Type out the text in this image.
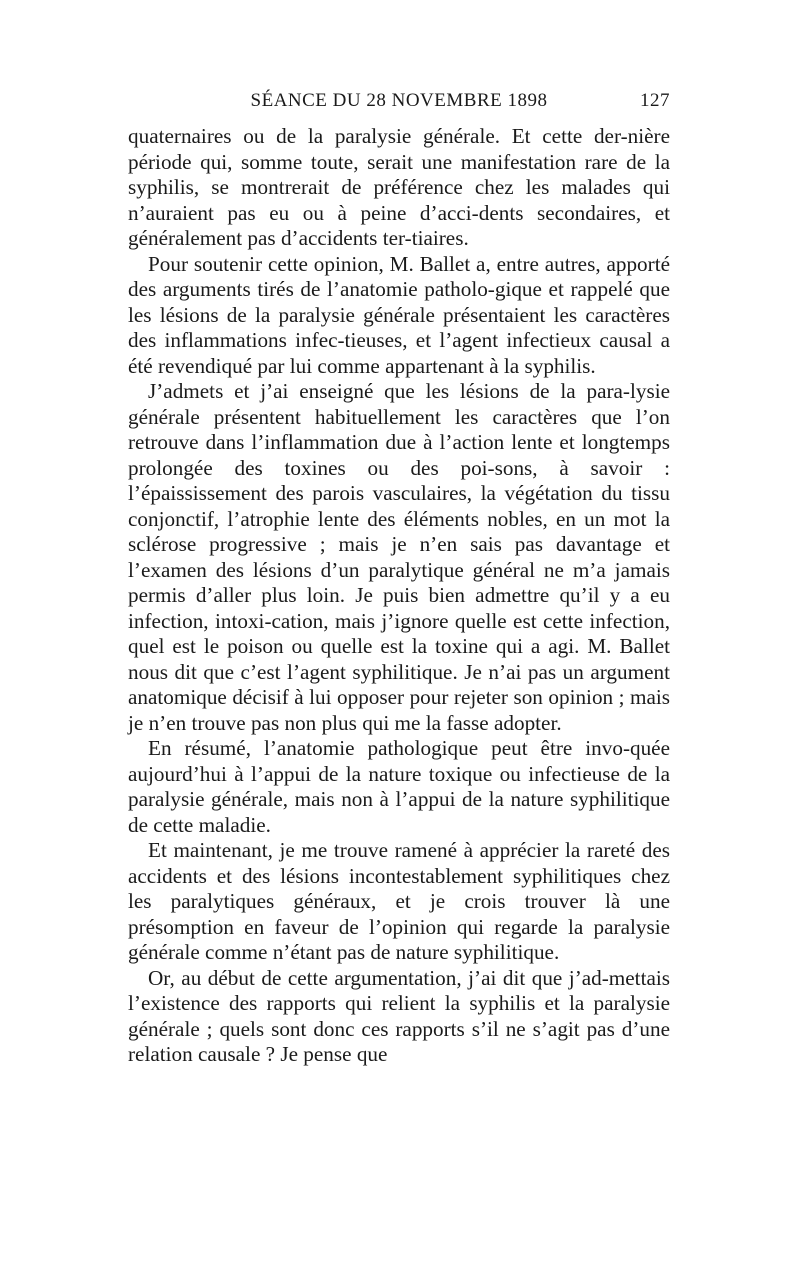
SÉANCE DU 28 NOVEMBRE 1898	127

quaternaires ou de la paralysie générale. Et cette der-nière période qui, somme toute, serait une manifestation rare de la syphilis, se montrerait de préférence chez les malades qui n’auraient pas eu ou à peine d’acci-dents secondaires, et généralement pas d’accidents ter-tiaires.

Pour soutenir cette opinion, M. Ballet a, entre autres, apporté des arguments tirés de l’anatomie patholo-gique et rappelé que les lésions de la paralysie générale présentaient les caractères des inflammations infec-tieuses, et l’agent infectieux causal a été revendiqué par lui comme appartenant à la syphilis.

J’admets et j’ai enseigné que les lésions de la para-lysie générale présentent habituellement les caractères que l’on retrouve dans l’inflammation due à l’action lente et longtemps prolongée des toxines ou des poi-sons, à savoir : l’épaississement des parois vasculaires, la végétation du tissu conjonctif, l’atrophie lente des éléments nobles, en un mot la sclérose progressive ; mais je n’en sais pas davantage et l’examen des lésions d’un paralytique général ne m’a jamais permis d’aller plus loin. Je puis bien admettre qu’il y a eu infection, intoxi-cation, mais j’ignore quelle est cette infection, quel est le poison ou quelle est la toxine qui a agi. M. Ballet nous dit que c’est l’agent syphilitique. Je n’ai pas un argument anatomique décisif à lui opposer pour rejeter son opinion ; mais je n’en trouve pas non plus qui me la fasse adopter.

En résumé, l’anatomie pathologique peut être invo-quée aujourd’hui à l’appui de la nature toxique ou infectieuse de la paralysie générale, mais non à l’appui de la nature syphilitique de cette maladie.

Et maintenant, je me trouve ramené à apprécier la rareté des accidents et des lésions incontestablement syphilitiques chez les paralytiques généraux, et je crois trouver là une présomption en faveur de l’opinion qui regarde la paralysie générale comme n’étant pas de nature syphilitique.

Or, au début de cette argumentation, j’ai dit que j’ad-mettais l’existence des rapports qui relient la syphilis et la paralysie générale ; quels sont donc ces rapports s’il ne s’agit pas d’une relation causale ? Je pense que
